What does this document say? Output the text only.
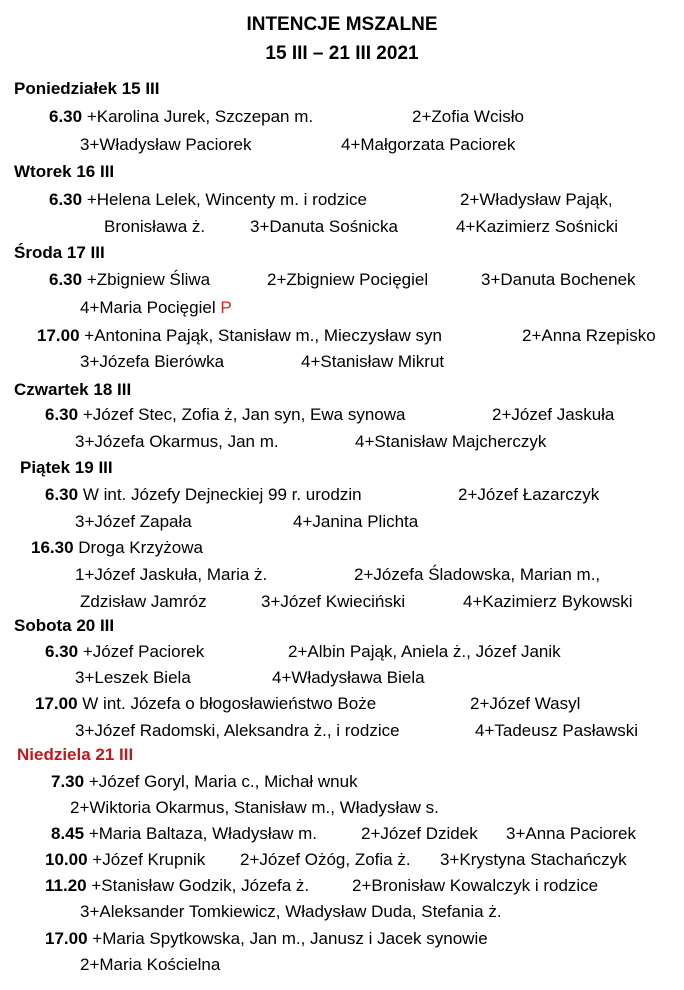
INTENCJE MSZALNE
15 III – 21 III 2021
Poniedziałek 15 III
6.30 +Karolina Jurek, Szczepan m.	2+Zofia Wcisło
3+Władysław Paciorek	4+Małgorzata Paciorek
Wtorek 16 III
6.30 +Helena Lelek, Wincenty m. i rodzice	2+Władysław Pająk,
Bronisława ż.	3+Danuta Sośnicka	4+Kazimierz Sośnicki
Środa 17 III
6.30 +Zbigniew Śliwa	2+Zbigniew Pocięgiel	3+Danuta Bochenek
4+Maria Pocięgiel P
17.00 +Antonina Pająk, Stanisław m., Mieczysław syn	2+Anna Rzepisko
3+Józefa Bierówka	4+Stanisław Mikrut
Czwartek 18 III
6.30 +Józef Stec, Zofia ż, Jan syn, Ewa synowa	2+Józef Jaskuła
3+Józefa Okarmus, Jan m.	4+Stanisław Majcherczyk
Piątek 19 III
6.30 W int. Józefy Dejneckiej 99 r. urodzin	2+Józef Łazarczyk
3+Józef Zapała	4+Janina Plichta
16.30 Droga Krzyżowa
1+Józef Jaskuła, Maria ż.	2+Józefa Śladowska, Marian m.,
Zdzisław Jamróz	3+Józef Kwieciński	4+Kazimierz Bykowski
Sobota 20 III
6.30 +Józef Paciorek	2+Albin Pająk, Aniela ż., Józef Janik
3+Leszek Biela	4+Władysława Biela
17.00 W int. Józefa o błogosławieństwo Boże	2+Józef Wasyl
3+Józef Radomski, Aleksandra ż., i rodzice	4+Tadeusz Pasławski
Niedziela 21 III
7.30 +Józef Goryl, Maria c., Michał wnuk
2+Wiktoria Okarmus, Stanisław m., Władysław s.
8.45 +Maria Baltaza, Władysław m.	2+Józef Dzidek 3+Anna Paciorek
10.00 +Józef Krupnik 2+Józef Ożóg, Zofia ż. 3+Krystyna Stachańczyk
11.20 +Stanisław Godzik, Józefa ż.	2+Bronisław Kowalczyk i rodzice
3+Aleksander Tomkiewicz, Władysław Duda, Stefania ż.
17.00 +Maria Spytkowska, Jan m., Janusz i Jacek synowie
2+Maria Kościelna
